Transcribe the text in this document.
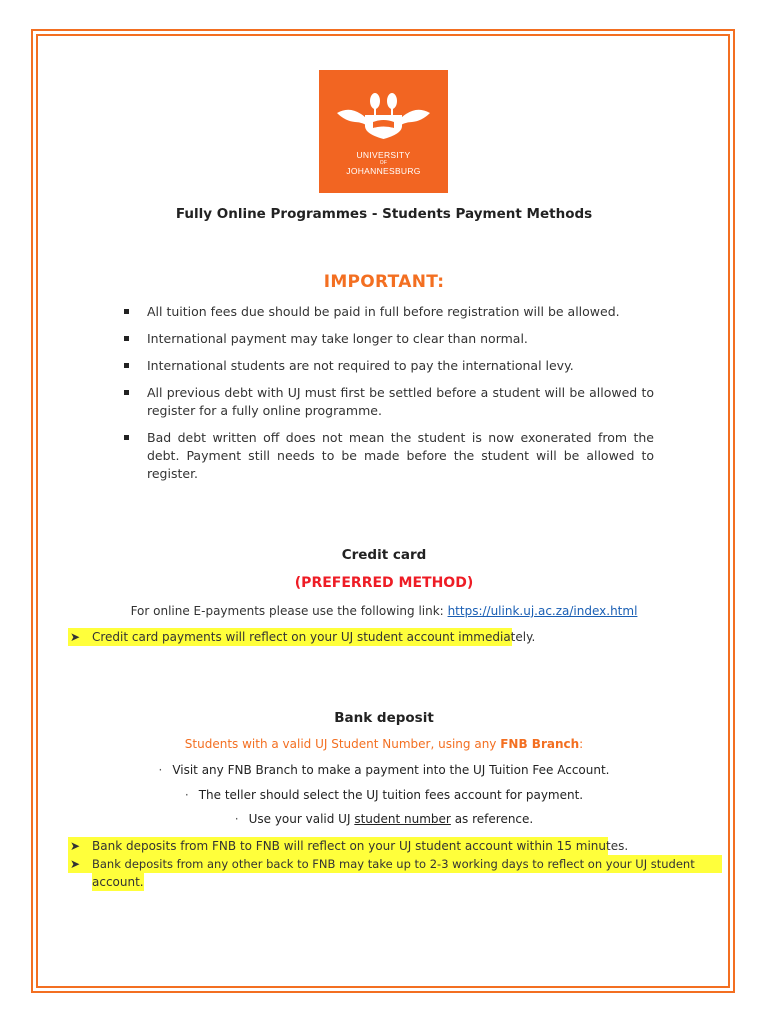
UNIVERSITY
OF
JOHANNESBURG
Fully Online Programmes - Students Payment Methods
IMPORTANT:
All tuition fees due should be paid in full before registration will be allowed.
International payment may take longer to clear than normal.
International students are not required to pay the international levy.
All previous debt with UJ must first be settled before a student will be allowed to register for a fully online programme.
Bad debt written off does not mean the student is now exonerated from the debt. Payment still needs to be made before the student will be allowed to register.
Credit card
(PREFERRED METHOD)
For online E-payments please use the following link: https://ulink.uj.ac.za/index.html
➤ Credit card payments will reflect on your UJ student account immediately.
Bank deposit
Students with a valid UJ Student Number, using any FNB Branch:
· Visit any FNB Branch to make a payment into the UJ Tuition Fee Account.
· The teller should select the UJ tuition fees account for payment.
· Use your valid UJ student number as reference.
➤ Bank deposits from FNB to FNB will reflect on your UJ student account within 15 minutes.
➤ Bank deposits from any other back to FNB may take up to 2-3 working days to reflect on your UJ student
account.
